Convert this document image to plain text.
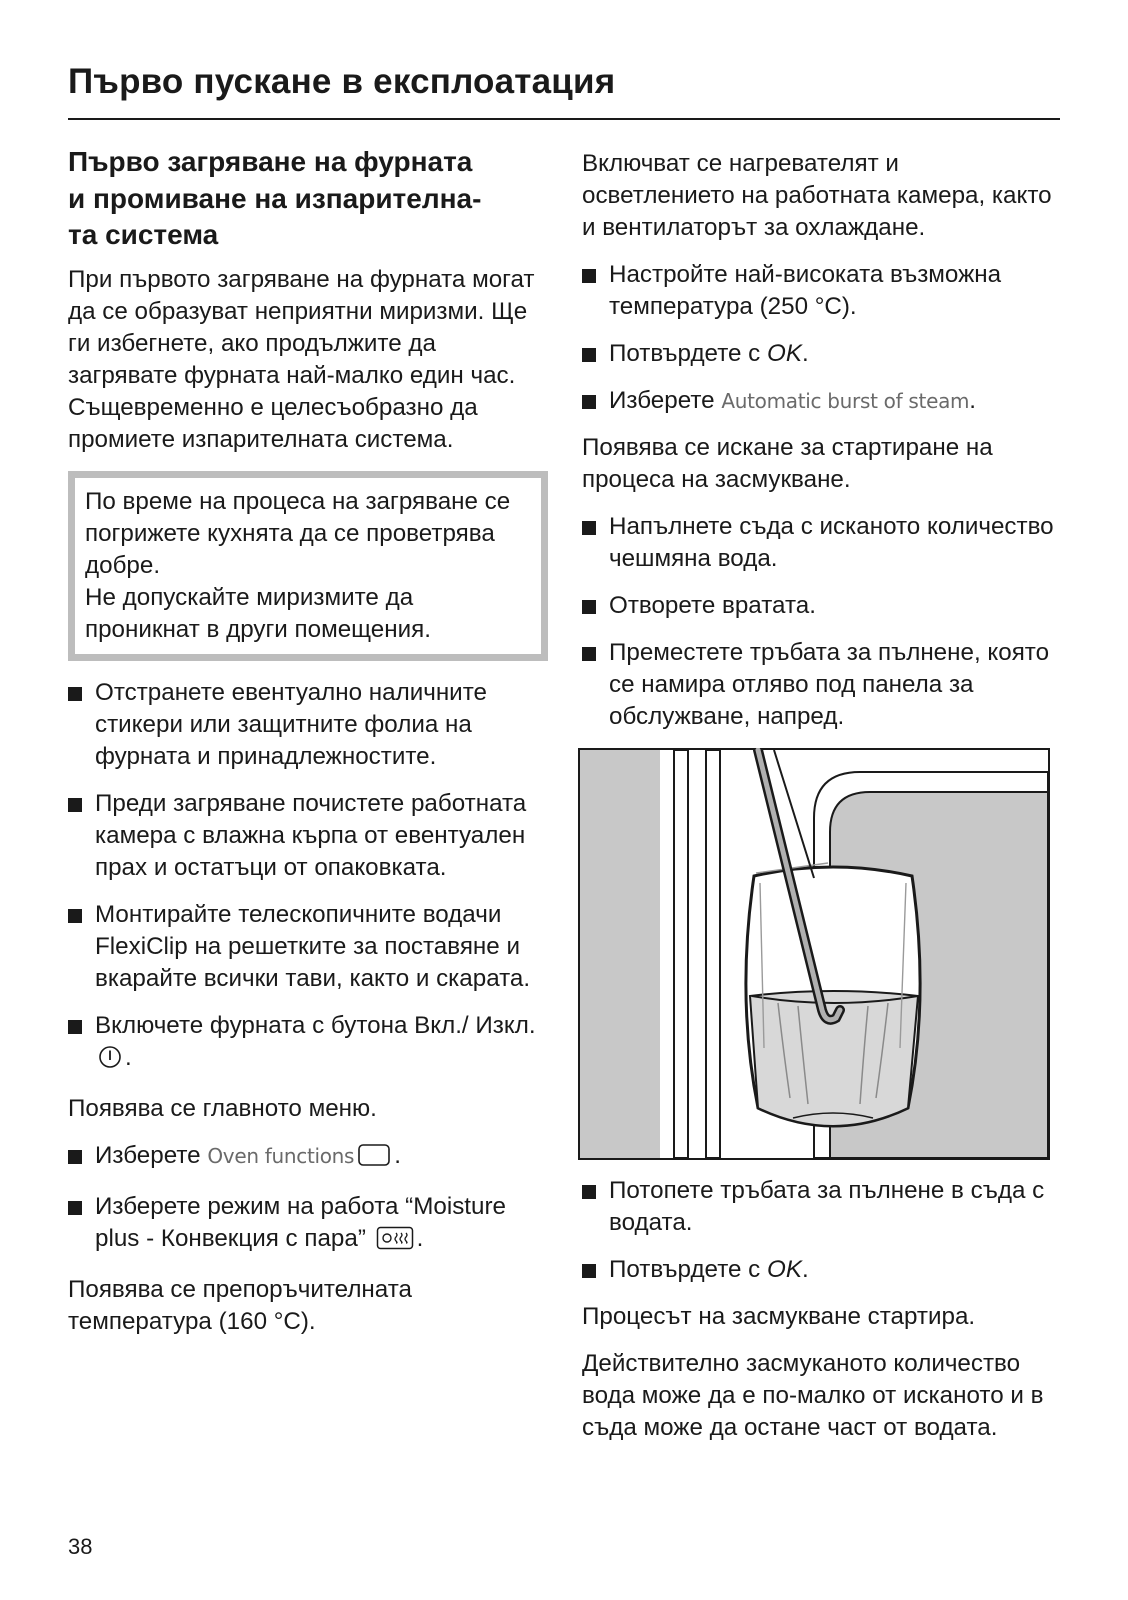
Първо пускане в експлоатация
Първо загряване на фурната
и промиване на изпарителна-
та система

При първото загряване на фурната могат да се образуват неприятни миризми. Ще ги избегнете, ако продължите да загрявате фурната най-малко един час. Същевременно е целесъобразно да промиете изпарителната система.

По време на процеса на загряване се погрижете кухнята да се проветрява добре.

Не допускайте миризмите да проникнат в други помещения.

Отстранете евентуално наличните стикери или защитните фолиа на фурната и принадлежностите.
Преди загряване почистете работната камера с влажна кърпа от евентуален прах и остатъци от опаковката.
Монтирайте телескопичните водачи FlexiClip на решетките за поставяне и вкарайте всички тави, както и скарата.
Включете фурната с бутона Вкл./ Изкл..

Появява се главното меню.

Изберете Oven functions .
Изберете режим на работа “Moisture plus - Конвекция с пара” .

Появява се препоръчителната температура (160 °C).

Включват се нагревателят и осветлението на работната камера, както и вентилаторът за охлаждане.

Настройте най-високата възможна температура (250 °C).
Потвърдете с OK.
Изберете Automatic burst of steam.

Появява се искане за стартиране на процеса на засмукване.

Напълнете съда с исканото количество чешмяна вода.
Отворете вратата.
Преместете тръбата за пълнене, която се намира отляво под панела за обслужване, напред.
Потопете тръбата за пълнене в съда с водата.
Потвърдете с OK.

Процесът на засмукване стартира.

Действително засмуканото количество вода може да е по-малко от исканото и в съда може да остане част от водата.

38
